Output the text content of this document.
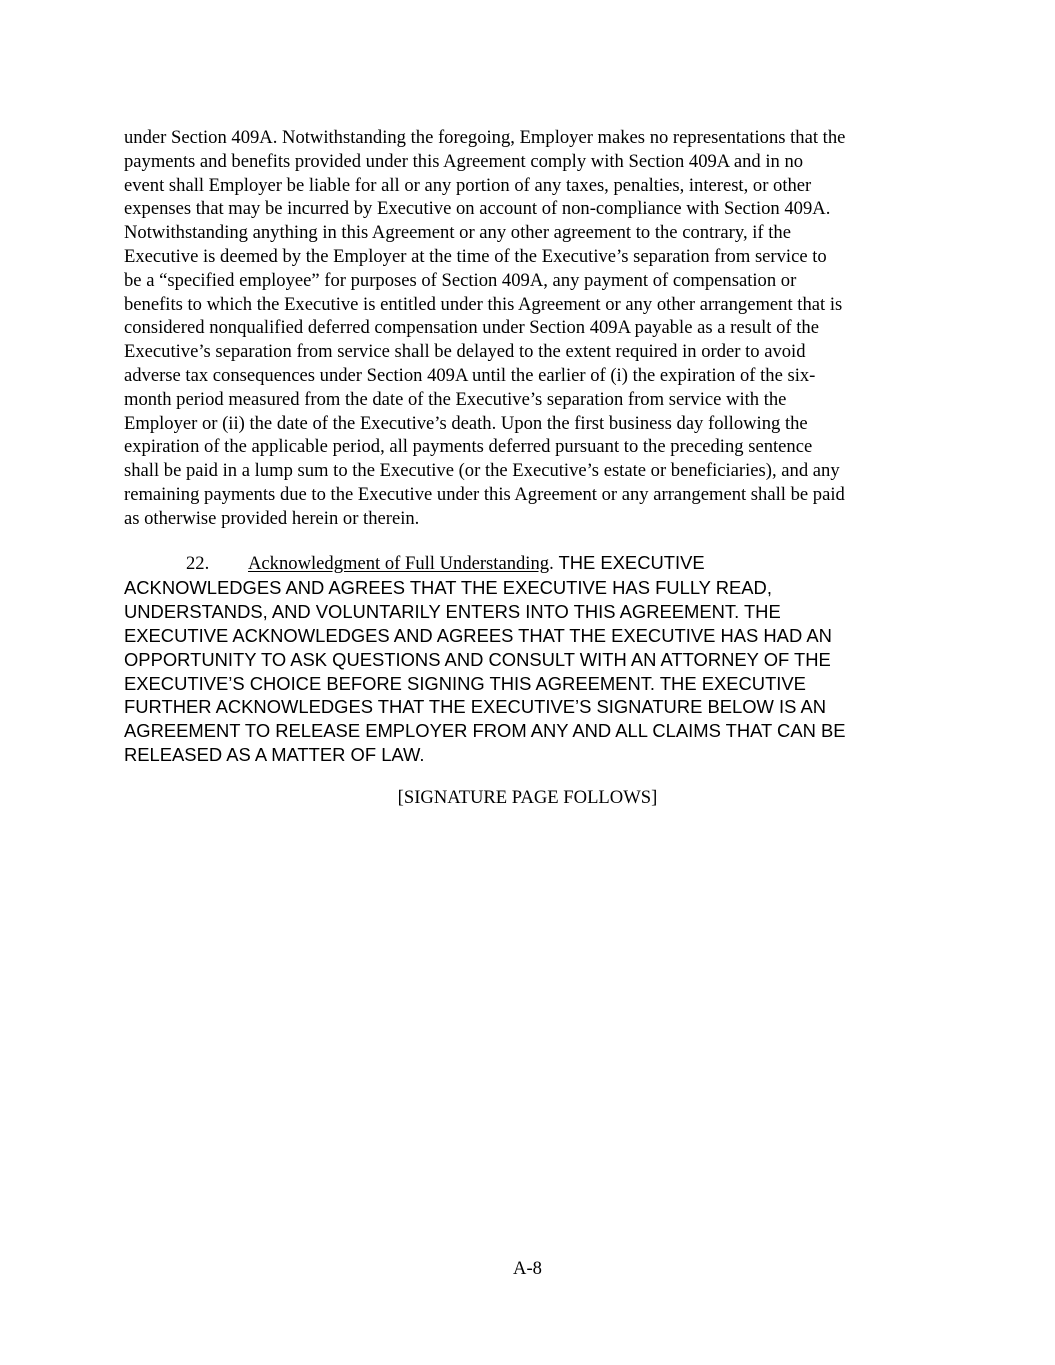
under Section 409A. Notwithstanding the foregoing, Employer makes no representations that the
payments and benefits provided under this Agreement comply with Section 409A and in no
event shall Employer be liable for all or any portion of any taxes, penalties, interest, or other
expenses that may be incurred by Executive on account of non-compliance with Section 409A.
Notwithstanding anything in this Agreement or any other agreement to the contrary, if the
Executive is deemed by the Employer at the time of the Executive’s separation from service to
be a “specified employee” for purposes of Section 409A, any payment of compensation or
benefits to which the Executive is entitled under this Agreement or any other arrangement that is
considered nonqualified deferred compensation under Section 409A payable as a result of the
Executive’s separation from service shall be delayed to the extent required in order to avoid
adverse tax consequences under Section 409A until the earlier of (i) the expiration of the six-
month period measured from the date of the Executive’s separation from service with the
Employer or (ii) the date of the Executive’s death. Upon the first business day following the
expiration of the applicable period, all payments deferred pursuant to the preceding sentence
shall be paid in a lump sum to the Executive (or the Executive’s estate or beneficiaries), and any
remaining payments due to the Executive under this Agreement or any arrangement shall be paid
as otherwise provided herein or therein.

22. Acknowledgment of Full Understanding. THE EXECUTIVE
ACKNOWLEDGES AND AGREES THAT THE EXECUTIVE HAS FULLY READ,
UNDERSTANDS, AND VOLUNTARILY ENTERS INTO THIS AGREEMENT. THE
EXECUTIVE ACKNOWLEDGES AND AGREES THAT THE EXECUTIVE HAS HAD AN
OPPORTUNITY TO ASK QUESTIONS AND CONSULT WITH AN ATTORNEY OF THE
EXECUTIVE’S CHOICE BEFORE SIGNING THIS AGREEMENT. THE EXECUTIVE
FURTHER ACKNOWLEDGES THAT THE EXECUTIVE’S SIGNATURE BELOW IS AN
AGREEMENT TO RELEASE EMPLOYER FROM ANY AND ALL CLAIMS THAT CAN BE
RELEASED AS A MATTER OF LAW.

[SIGNATURE PAGE FOLLOWS]

A-8
